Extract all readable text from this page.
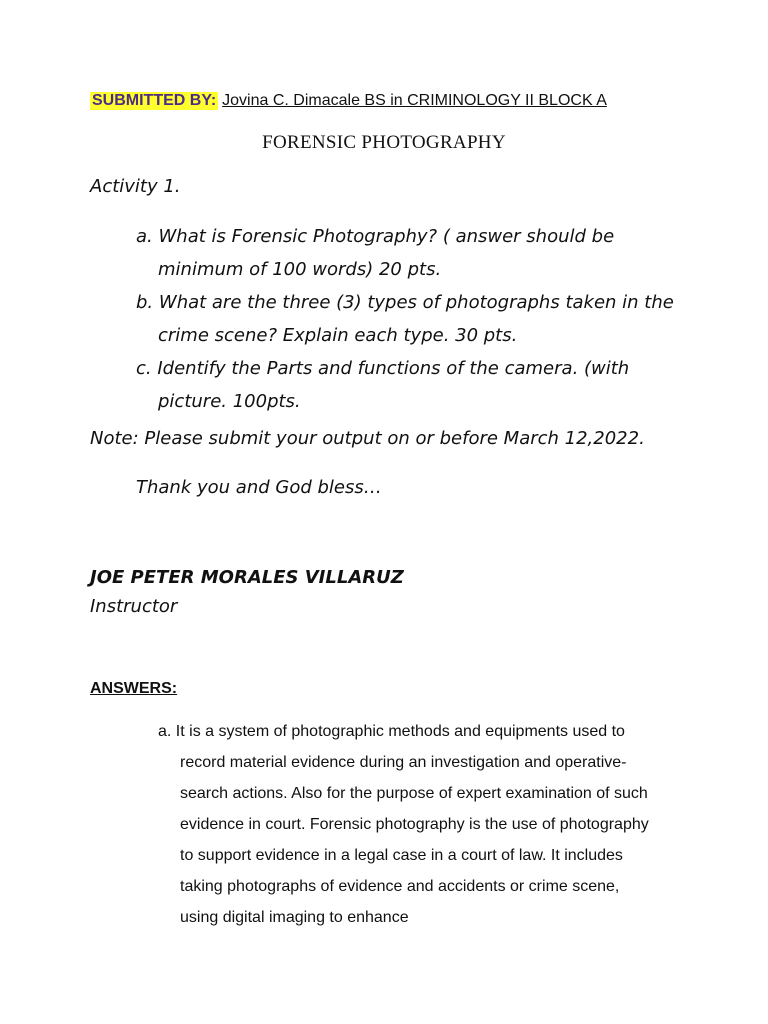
SUBMITTED BY: Jovina C. Dimacale BS in CRIMINOLOGY II BLOCK A
FORENSIC PHOTOGRAPHY
Activity 1.
a. What is Forensic Photography? ( answer should be minimum of 100 words) 20 pts.
b. What are the three (3) types of photographs taken in the crime scene? Explain each type. 30 pts.
c. Identify the Parts and functions of the camera. (with picture. 100pts.
Note: Please submit your output on or before March 12,2022.
Thank you and God bless…
JOE PETER MORALES VILLARUZ
Instructor
ANSWERS:
a. It is a system of photographic methods and equipments used to record material evidence during an investigation and operative- search actions. Also for the purpose of expert examination of such evidence in court. Forensic photography is the use of photography to support evidence in a legal case in a court of law. It includes taking photographs of evidence and accidents or crime scene, using digital imaging to enhance
